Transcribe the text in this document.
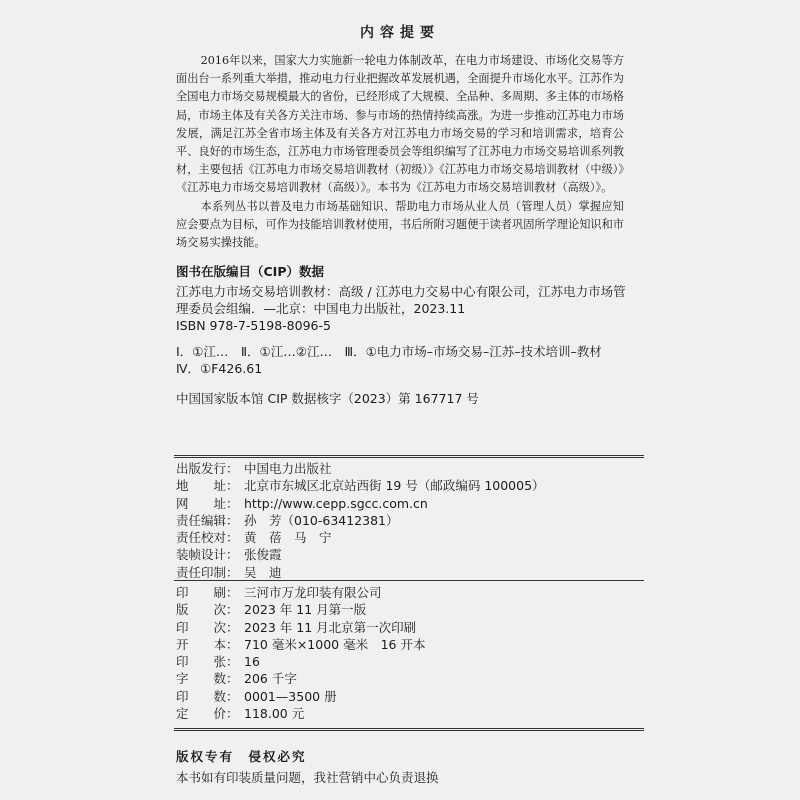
内容提要

2016年以来，国家大力实施新一轮电力体制改革，在电力市场建设、市场化交易等方面出台一系列重大举措，推动电力行业把握改革发展机遇，全面提升市场化水平。江苏作为全国电力市场交易规模最大的省份，已经形成了大规模、全品种、多周期、多主体的市场格局，市场主体及有关各方关注市场、参与市场的热情持续高涨。为进一步推动江苏电力市场发展，满足江苏全省市场主体及有关各方对江苏电力市场交易的学习和培训需求，培育公平、良好的市场生态，江苏电力市场管理委员会等组织编写了江苏电力市场交易培训系列教材，主要包括《江苏电力市场交易培训教材（初级）》《江苏电力市场交易培训教材（中级）》《江苏电力市场交易培训教材（高级）》。本书为《江苏电力市场交易培训教材（高级）》。

本系列丛书以普及电力市场基础知识、帮助电力市场从业人员（管理人员）掌握应知应会要点为目标，可作为技能培训教材使用，书后所附习题便于读者巩固所学理论知识和市场交易实操技能。

图书在版编目（CIP）数据

江苏电力市场交易培训教材：高级 / 江苏电力交易中心有限公司，江苏电力市场管理委员会组编．—北京：中国电力出版社，2023.11

ISBN 978-7-5198-8096-5

Ⅰ．①江…　Ⅱ．①江…②江…　Ⅲ．①电力市场–市场交易–江苏–技术培训–教材　Ⅳ．①F426.61

中国国家版本馆 CIP 数据核字（2023）第 167717 号

出版发行： 中国电力出版社
地　　址： 北京市东城区北京站西街 19 号（邮政编码 100005）
网　　址： http://www.cepp.sgcc.com.cn
责任编辑： 孙　芳（010-63412381）
责任校对： 黄　蓓　马　宁
装帧设计： 张俊霞
责任印制： 吴　迪
印　　刷： 三河市万龙印装有限公司
版　　次： 2023 年 11 月第一版
印　　次： 2023 年 11 月北京第一次印刷
开　　本： 710 毫米×1000 毫米　16 开本
印　　张： 16
字　　数： 206 千字
印　　数： 0001—3500 册
定　　价： 118.00 元
版权专有　侵权必究
本书如有印装质量问题，我社营销中心负责退换
